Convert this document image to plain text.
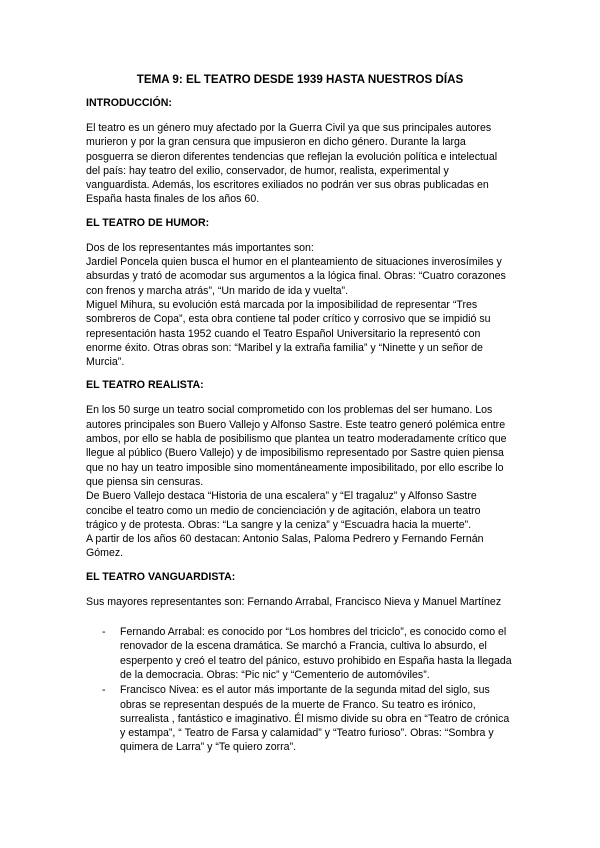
TEMA 9: EL TEATRO DESDE 1939 HASTA NUESTROS DÍAS
INTRODUCCIÓN:

El teatro es un género muy afectado por la Guerra Civil ya que sus principales autores murieron y por la gran censura que impusieron en dicho género. Durante la larga posguerra se dieron diferentes tendencias que reflejan la evolución política e intelectual del país: hay teatro del exilio, conservador, de humor, realista, experimental y vanguardista. Además, los escritores exiliados no podrán ver sus obras publicadas en España hasta finales de los años 60.

EL TEATRO DE HUMOR:

Dos de los representantes más importantes son:

Jardiel Poncela quien busca el humor en el planteamiento de situaciones inverosímiles y absurdas y trató de acomodar sus argumentos a la lógica final. Obras: “Cuatro corazones con frenos y marcha atrás”, “Un marido de ida y vuelta”.

Miguel Mihura, su evolución está marcada por la imposibilidad de representar “Tres sombreros de Copa”, esta obra contiene tal poder crítico y corrosivo que se impidió su representación hasta 1952 cuando el Teatro Español Universitario la representó con enorme éxito. Otras obras son: “Maribel y la extraña familia” y “Ninette y un señor de Murcia”.

EL TEATRO REALISTA:

En los 50 surge un teatro social comprometido con los problemas del ser humano. Los autores principales son Buero Vallejo y Alfonso Sastre. Este teatro generó polémica entre ambos, por ello se habla de posibilismo que plantea un teatro moderadamente crítico que llegue al público (Buero Vallejo) y de imposibilismo representado por Sastre quien piensa que no hay un teatro imposible sino momentáneamente imposibilitado, por ello escribe lo que piensa sin censuras.

De Buero Vallejo destaca “Historia de una escalera” y “El tragaluz” y Alfonso Sastre concibe el teatro como un medio de concienciación y de agitación, elabora un teatro trágico y de protesta. Obras: “La sangre y la ceniza” y “Escuadra hacia la muerte”.

A partir de los años 60 destacan: Antonio Salas, Paloma Pedrero y Fernando Fernán Gómez.

EL TEATRO VANGUARDISTA:

Sus mayores representantes son: Fernando Arrabal, Francisco Nieva y Manuel Martínez

- Fernando Arrabal: es conocido por “Los hombres del triciclo”, es conocido como el renovador de la escena dramática. Se marchó a Francia, cultiva lo absurdo, el esperpento y creó el teatro del pánico, estuvo prohibido en España hasta la llegada de la democracia. Obras: “Pic nic” y “Cementerio de automóviles”.
- Francisco Nivea: es el autor más importante de la segunda mitad del siglo, sus obras se representan después de la muerte de Franco. Su teatro es irónico, surrealista , fantástico e imaginativo. Él mismo divide su obra en “Teatro de crónica y estampa”, “ Teatro de Farsa y calamidad” y “Teatro furioso”. Obras: “Sombra y quimera de Larra” y “Te quiero zorra”.
